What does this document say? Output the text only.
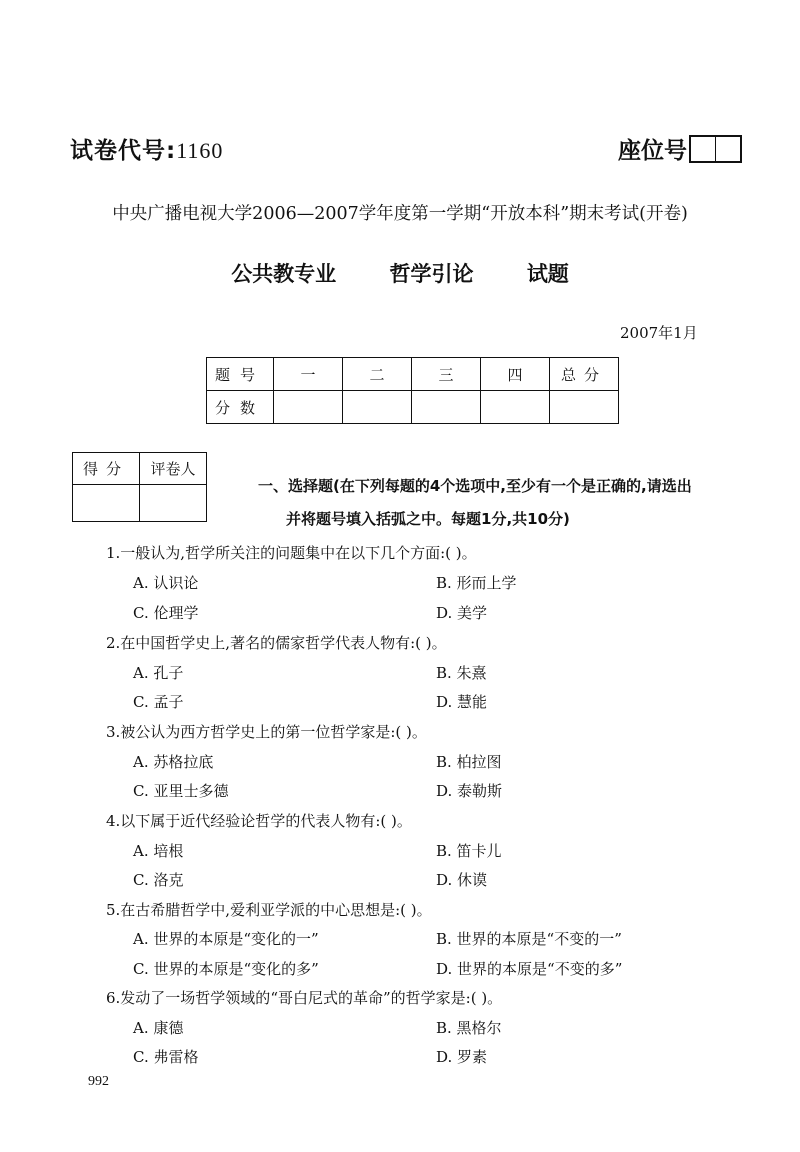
试卷代号:1160	座位号
中央广播电视大学2006—2007学年度第一学期“开放本科”期末考试(开卷)
公共教专业	哲学引论	试题
2007年1月
题号	一	二	三	四	总分
分数					
得分	评卷人

一、选择题(在下列每题的4个选项中,至少有一个是正确的,请选出
并将题号填入括弧之中。每题1分,共10分)
1.一般认为,哲学所关注的问题集中在以下几个方面:( )。
A. 认识论	B. 形而上学
C. 伦理学	D. 美学
2.在中国哲学史上,著名的儒家哲学代表人物有:( )。
A. 孔子	B. 朱熹
C. 孟子	D. 慧能
3.被公认为西方哲学史上的第一位哲学家是:( )。
A. 苏格拉底	B. 柏拉图
C. 亚里士多德	D. 泰勒斯
4.以下属于近代经验论哲学的代表人物有:( )。
A. 培根	B. 笛卡儿
C. 洛克	D. 休谟
5.在古希腊哲学中,爱利亚学派的中心思想是:( )。
A. 世界的本原是“变化的一”	B. 世界的本原是“不变的一”
C. 世界的本原是“变化的多”	D. 世界的本原是“不变的多”
6.发动了一场哲学领域的“哥白尼式的革命”的哲学家是:( )。
A. 康德	B. 黑格尔
C. 弗雷格	D. 罗素
992
